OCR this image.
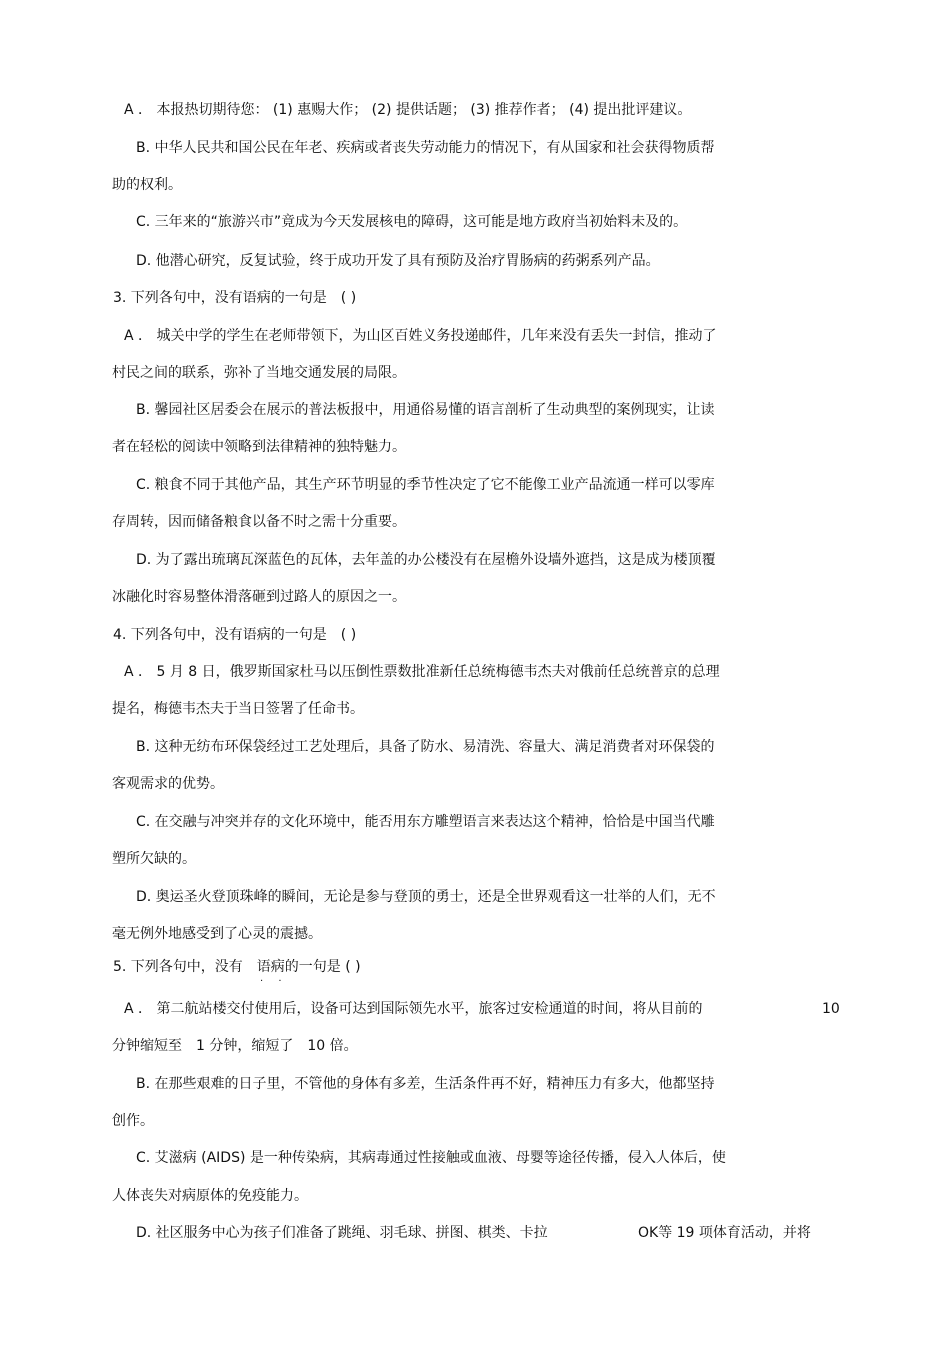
A ． 本报热切期待您： (1) 惠赐大作； (2) 提供话题； (3) 推荐作者； (4) 提出批评建议。
B. 中华人民共和国公民在年老、疾病或者丧失劳动能力的情况下，有从国家和社会获得物质帮
助的权利。
C. 三年来的“旅游兴市”竟成为今天发展核电的障碍，这可能是地方政府当初始料未及的。
D. 他潜心研究，反复试验，终于成功开发了具有预防及治疗胃肠病的药粥系列产品。
3. 下列各句中，没有语病的一句是　( )
A ． 城关中学的学生在老师带领下，为山区百姓义务投递邮件，几年来没有丢失一封信，推动了
村民之间的联系，弥补了当地交通发展的局限。
B. 馨园社区居委会在展示的普法板报中，用通俗易懂的语言剖析了生动典型的案例现实，让读
者在轻松的阅读中领略到法律精神的独特魅力。
C. 粮食不同于其他产品，其生产环节明显的季节性决定了它不能像工业产品流通一样可以零库
存周转，因而储备粮食以备不时之需十分重要。
D. 为了露出琉璃瓦深蓝色的瓦体，去年盖的办公楼没有在屋檐外设墙外遮挡，这是成为楼顶覆
冰融化时容易整体滑落砸到过路人的原因之一。
4. 下列各句中，没有语病的一句是　( )
A ． 5 月 8 日，俄罗斯国家杜马以压倒性票数批准新任总统梅德韦杰夫对俄前任总统普京的总理
提名，梅德韦杰夫于当日签署了任命书。
B. 这种无纺布环保袋经过工艺处理后，具备了防水、易清洗、容量大、满足消费者对环保袋的
客观需求的优势。
C. 在交融与冲突并存的文化环境中，能否用东方雕塑语言来表达这个精神，恰恰是中国当代雕
塑所欠缺的。
D. 奥运圣火登顶珠峰的瞬间，无论是参与登顶的勇士，还是全世界观看这一壮举的人们，无不
毫无例外地感受到了心灵的震撼。
5. 下列各句中，没有　语病的一句是 ( )
· ·
A ． 第二航站楼交付使用后，设备可达到国际领先水平，旅客过安检通道的时间，将从目前的	10
分钟缩短至　1 分钟，缩短了　10 倍。
B. 在那些艰难的日子里，不管他的身体有多差，生活条件再不好，精神压力有多大，他都坚持
创作。
C. 艾滋病 (AIDS) 是一种传染病，其病毒通过性接触或血液、母婴等途径传播，侵入人体后，使
人体丧失对病原体的免疫能力。
D. 社区服务中心为孩子们准备了跳绳、羽毛球、拼图、棋类、卡拉	OK等 19 项体育活动，并将
